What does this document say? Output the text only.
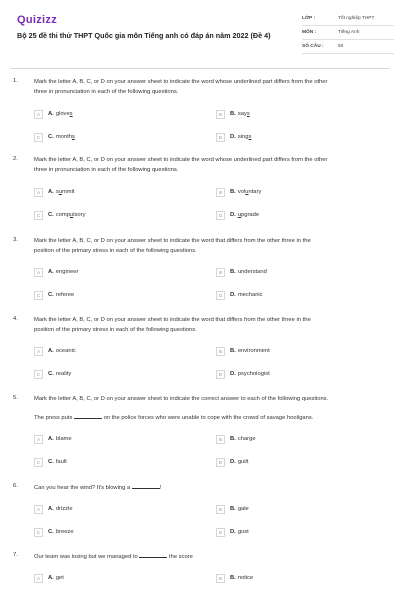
Quizizz
Bộ 25 đề thi thử THPT Quốc gia môn Tiếng anh có đáp án năm 2022 (Đề 4)
LỚP :	Tốt nghiệp THPT
MÔN :	Tiếng Anh
SỐ CÂU :	50
1.	Mark the letter A, B, C, or D on your answer sheet to indicate the word whose underlined part differs from the other
three in pronunciation in each of the following questions.
A	A. gloves	B	B. says
C	C. months	D	D. sings
2.	Mark the letter A, B, C, or D on your answer sheet to indicate the word whose underlined part differs from the other
three in pronunciation in each of the following questions.
A	A. summit	B	B. voluntary
C	C. compulsory	D	D. upgrade
3.	Mark the letter A, B, C, or D on your answer sheet to indicate the word that differs from the other three in the
position of the primary stress in each of the following questions.
A	A. engineer	B	B. understand
C	C. referee	D	D. mechanic
4.	Mark the letter A, B, C, or D on your answer sheet to indicate the word that differs from the other three in the
position of the primary stress in each of the following questions.
A	A. oceanic	B	B. environment
C	C. reality	D	D. psychologist
5.	Mark the letter A, B, C, or D on your answer sheet to indicate the correct answer to each of the following questions.
The press puts	on the police forces who were unable to cope with the crowd of savage hooligans.
A	A. blame	B	B. charge
C	C. fault	D	D. guilt
6.	Can you hear the wind? It's blowing a	!
A	A. drizzle	B	B. gale
C	C. breeze	D	D. gust
7.	Our team was losing but we managed to	the score
A	A. get	B	B. notice
